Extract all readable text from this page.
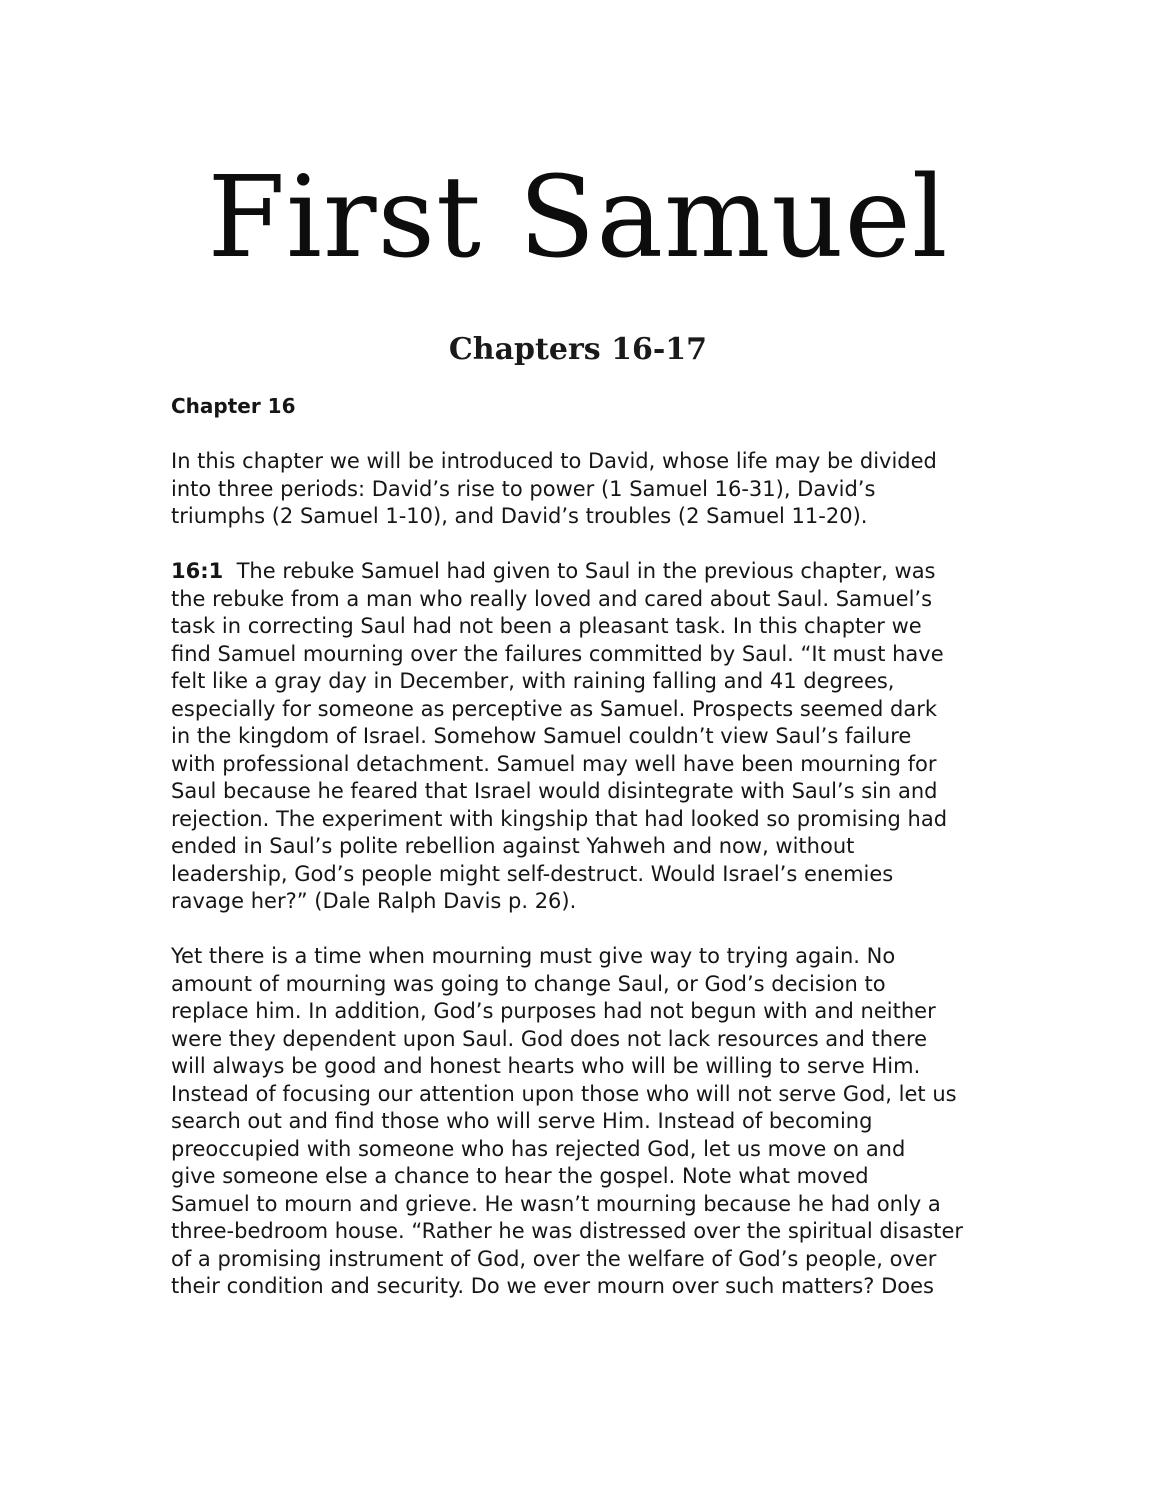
First Samuel
Chapters 16-17
Chapter 16
In this chapter we will be introduced to David, whose life may be divided
into three periods: David’s rise to power (1 Samuel 16-31), David’s
triumphs (2 Samuel 1-10), and David’s troubles (2 Samuel 11-20).
16:1  The rebuke Samuel had given to Saul in the previous chapter, was
the rebuke from a man who really loved and cared about Saul. Samuel’s
task in correcting Saul had not been a pleasant task. In this chapter we
find Samuel mourning over the failures committed by Saul. “It must have
felt like a gray day in December, with raining falling and 41 degrees,
especially for someone as perceptive as Samuel. Prospects seemed dark
in the kingdom of Israel. Somehow Samuel couldn’t view Saul’s failure
with professional detachment. Samuel may well have been mourning for
Saul because he feared that Israel would disintegrate with Saul’s sin and
rejection. The experiment with kingship that had looked so promising had
ended in Saul’s polite rebellion against Yahweh and now, without
leadership, God’s people might self-destruct. Would Israel’s enemies
ravage her?” (Dale Ralph Davis p. 26).
Yet there is a time when mourning must give way to trying again. No
amount of mourning was going to change Saul, or God’s decision to
replace him. In addition, God’s purposes had not begun with and neither
were they dependent upon Saul. God does not lack resources and there
will always be good and honest hearts who will be willing to serve Him.
Instead of focusing our attention upon those who will not serve God, let us
search out and find those who will serve Him. Instead of becoming
preoccupied with someone who has rejected God, let us move on and
give someone else a chance to hear the gospel. Note what moved
Samuel to mourn and grieve. He wasn’t mourning because he had only a
three-bedroom house. “Rather he was distressed over the spiritual disaster
of a promising instrument of God, over the welfare of God’s people, over
their condition and security. Do we ever mourn over such matters? Does
